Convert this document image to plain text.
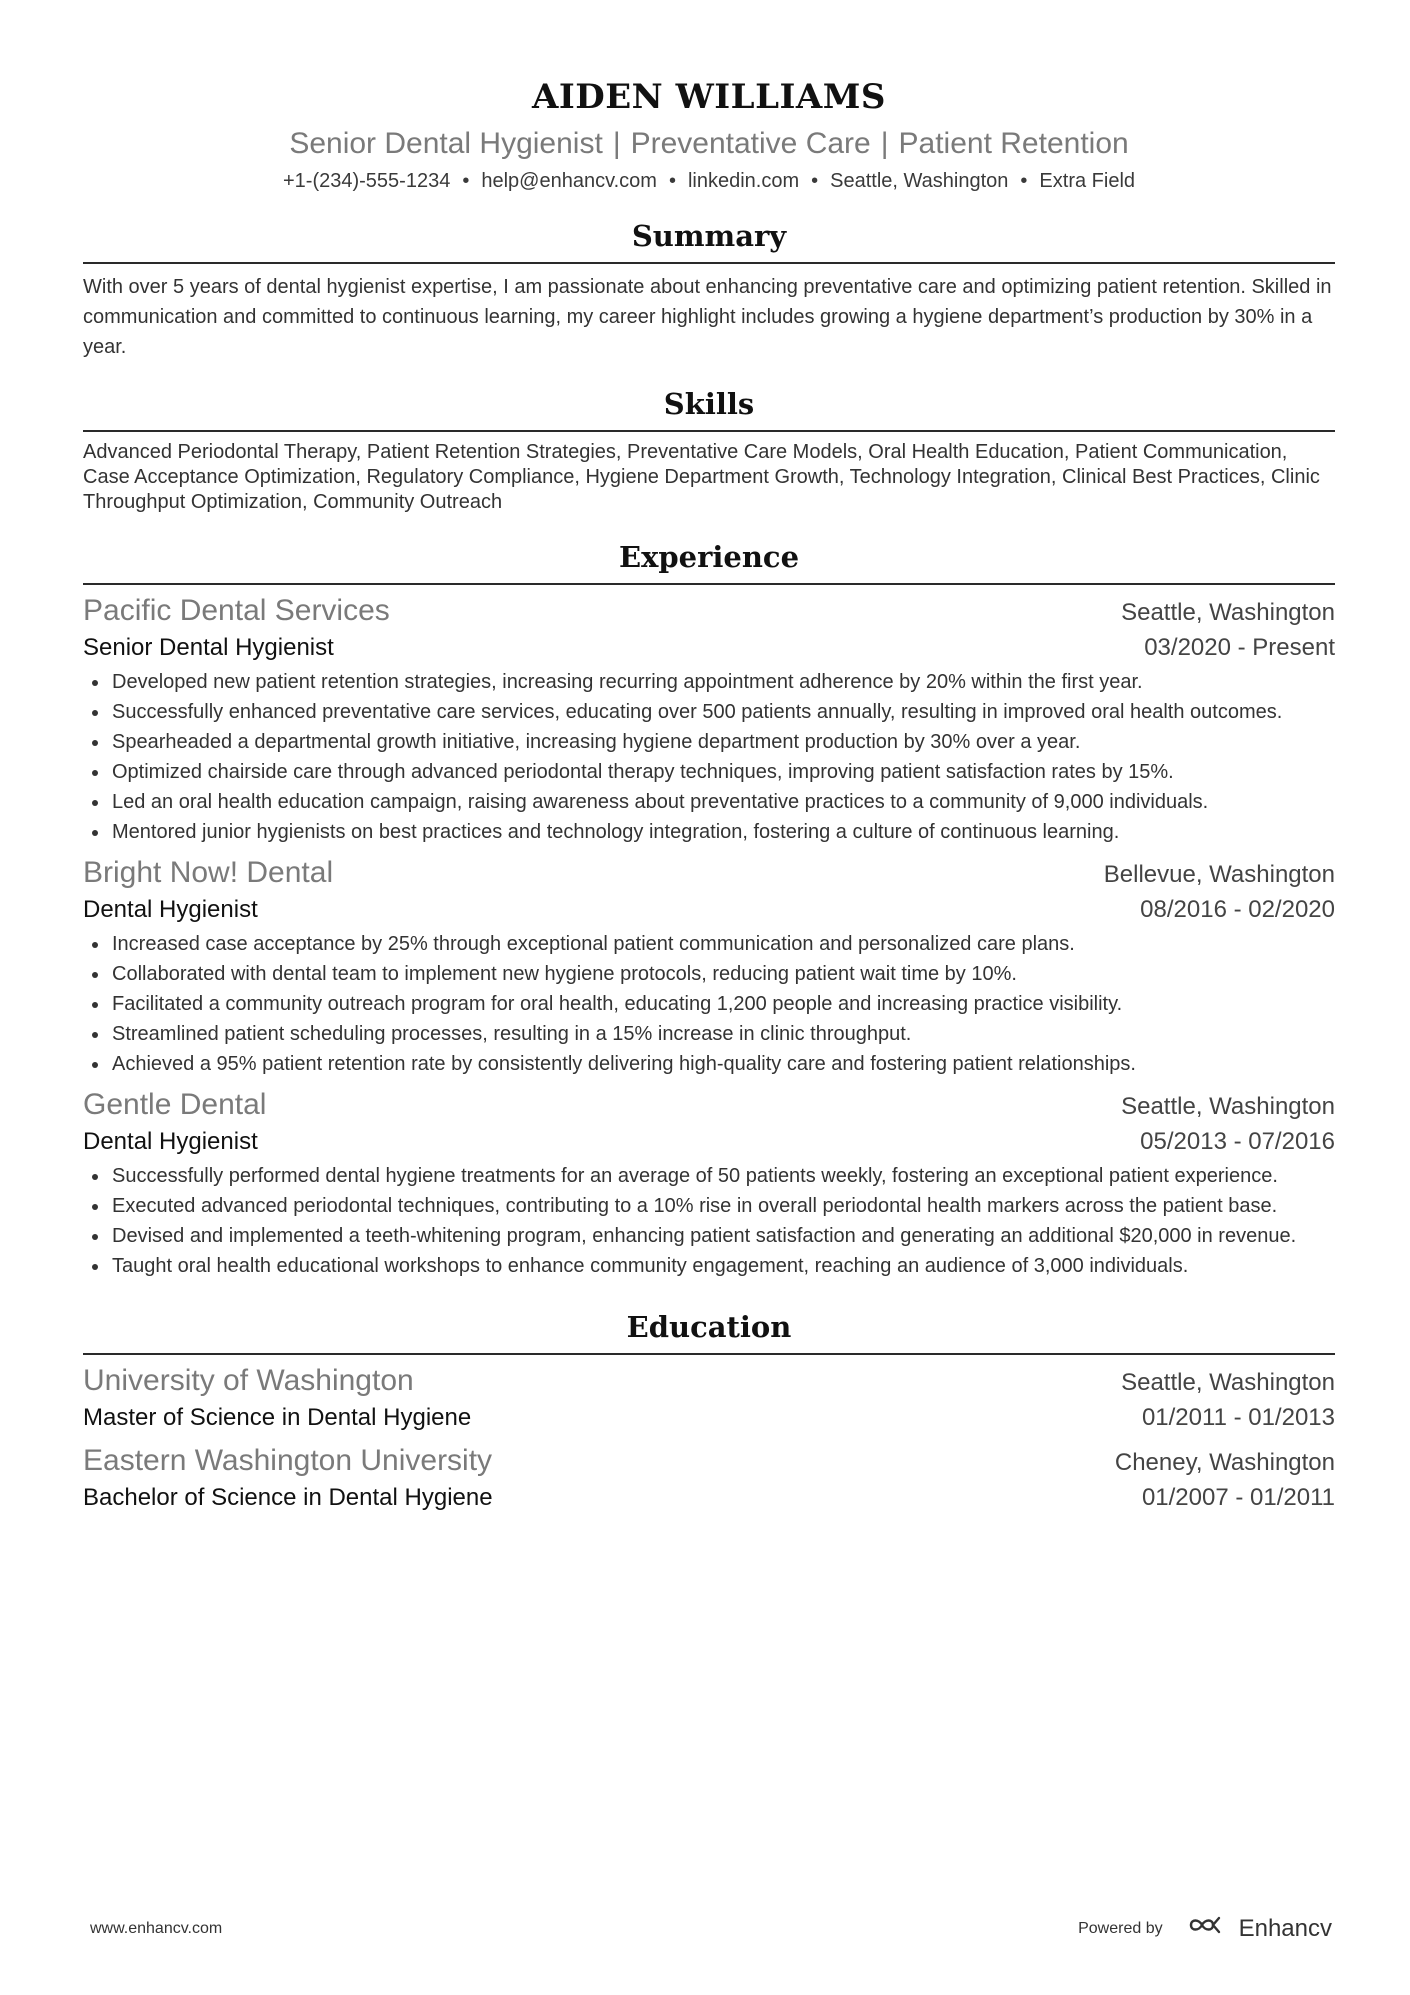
AIDEN WILLIAMS
Senior Dental Hygienist | Preventative Care | Patient Retention
+1-(234)-555-1234 • help@enhancv.com • linkedin.com • Seattle, Washington • Extra Field
Summary

With over 5 years of dental hygienist expertise, I am passionate about enhancing preventative care and optimizing patient retention. Skilled in communication and committed to continuous learning, my career highlight includes growing a hygiene department’s production by 30% in a year.

Skills

Advanced Periodontal Therapy, Patient Retention Strategies, Preventative Care Models, Oral Health Education, Patient Communication, Case Acceptance Optimization, Regulatory Compliance, Hygiene Department Growth, Technology Integration, Clinical Best Practices, Clinic Throughput Optimization, Community Outreach

Experience
Pacific Dental Services	Seattle, Washington
Senior Dental Hygienist	03/2020 - Present
Developed new patient retention strategies, increasing recurring appointment adherence by 20% within the first year.
Successfully enhanced preventative care services, educating over 500 patients annually, resulting in improved oral health outcomes.
Spearheaded a departmental growth initiative, increasing hygiene department production by 30% over a year.
Optimized chairside care through advanced periodontal therapy techniques, improving patient satisfaction rates by 15%.
Led an oral health education campaign, raising awareness about preventative practices to a community of 9,000 individuals.
Mentored junior hygienists on best practices and technology integration, fostering a culture of continuous learning.
Bright Now! Dental	Bellevue, Washington
Dental Hygienist	08/2016 - 02/2020
Increased case acceptance by 25% through exceptional patient communication and personalized care plans.
Collaborated with dental team to implement new hygiene protocols, reducing patient wait time by 10%.
Facilitated a community outreach program for oral health, educating 1,200 people and increasing practice visibility.
Streamlined patient scheduling processes, resulting in a 15% increase in clinic throughput.
Achieved a 95% patient retention rate by consistently delivering high-quality care and fostering patient relationships.
Gentle Dental	Seattle, Washington
Dental Hygienist	05/2013 - 07/2016
Successfully performed dental hygiene treatments for an average of 50 patients weekly, fostering an exceptional patient experience.
Executed advanced periodontal techniques, contributing to a 10% rise in overall periodontal health markers across the patient base.
Devised and implemented a teeth-whitening program, enhancing patient satisfaction and generating an additional $20,000 in revenue.
Taught oral health educational workshops to enhance community engagement, reaching an audience of 3,000 individuals.
Education
University of Washington	Seattle, Washington
Master of Science in Dental Hygiene	01/2011 - 01/2013
Eastern Washington University	Cheney, Washington
Bachelor of Science in Dental Hygiene	01/2007 - 01/2011
www.enhancv.com	Powered by	Enhancv
